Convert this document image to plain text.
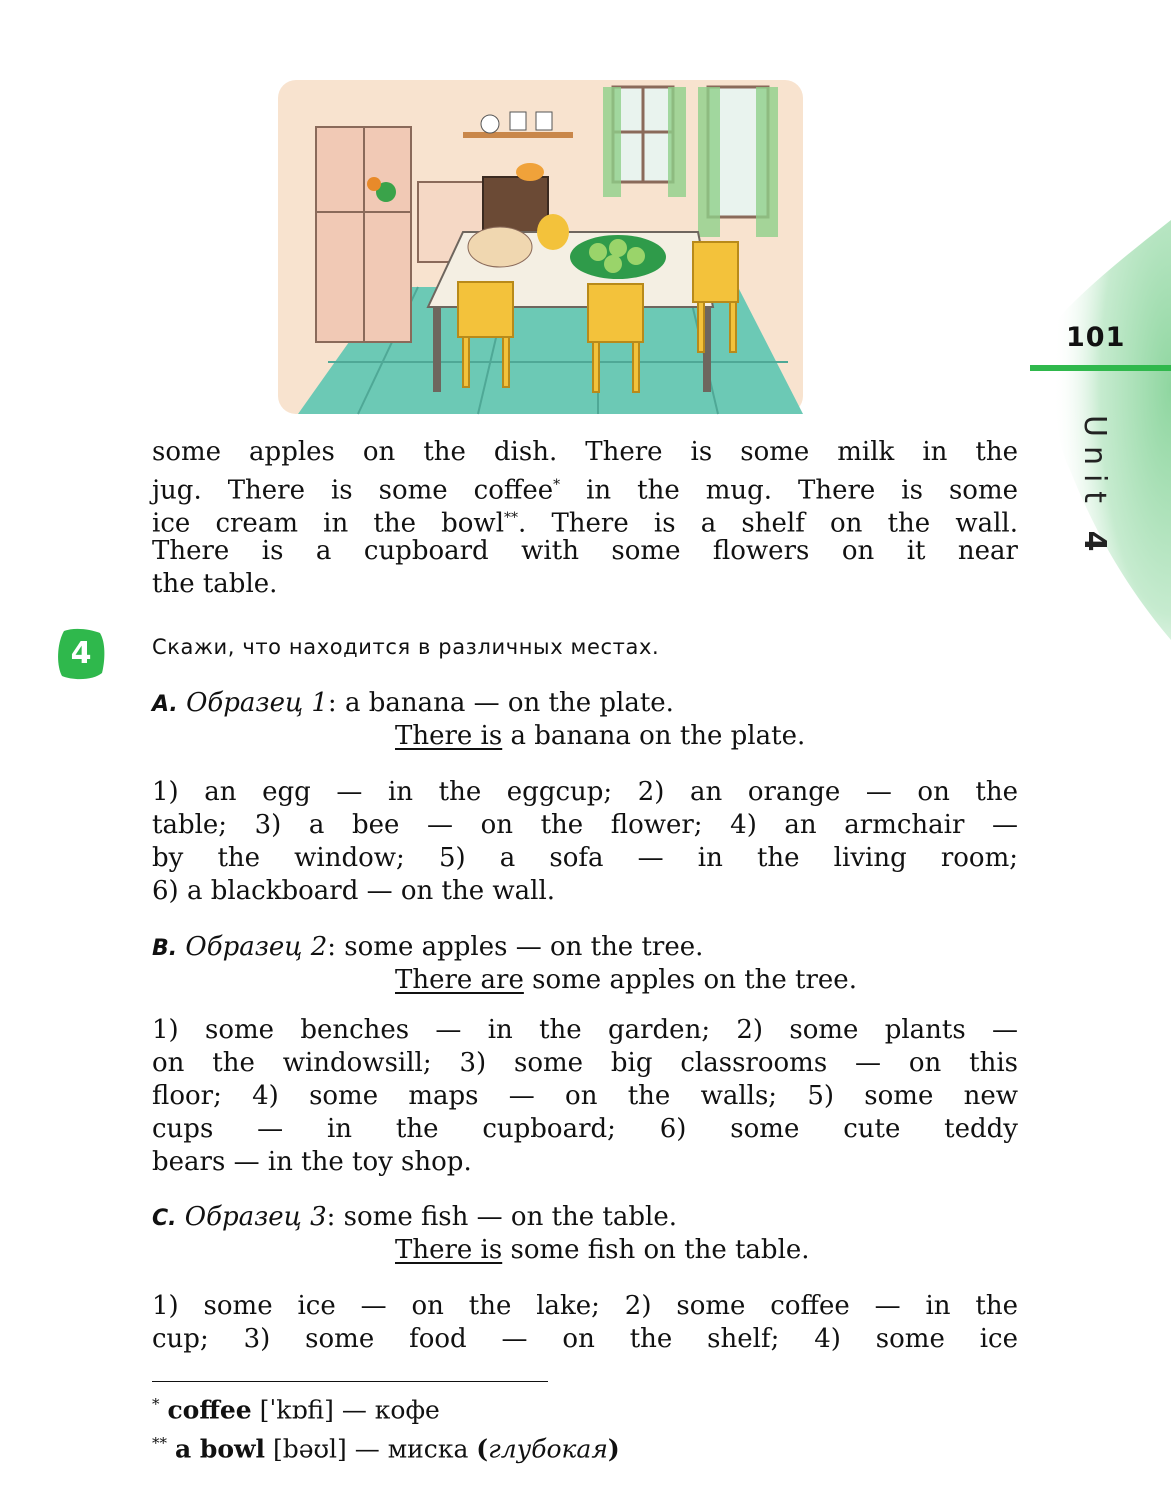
101
Unit 4
some apples on the dish. There is some milk in the
jug. There is some coffee* in the mug. There is some
ice cream in the bowl**. There is a shelf on the wall.
There is a cupboard with some flowers on it near
the table.
4	Скажи, что находится в различных местах.
A. Образец 1: a banana — on the plate.
There is a banana on the plate.
1) an egg — in the eggcup; 2) an orange — on the
table; 3) a bee — on the flower; 4) an armchair —
by the window; 5) a sofa — in the living room;
6) a blackboard — on the wall.
B. Образец 2: some apples — on the tree.
There are some apples on the tree.
1) some benches — in the garden; 2) some plants —
on the windowsill; 3) some big classrooms — on this
floor; 4) some maps — on the walls; 5) some new
cups — in the cupboard; 6) some cute teddy
bears — in the toy shop.
C. Образец 3: some fish — on the table.
There is some fish on the table.
1) some ice — on the lake; 2) some coffee — in the
cup; 3) some food — on the shelf; 4) some ice
* coffee [ˈkɒfi] — кофе
** a bowl [bəʊl] — миска (глубокая)
